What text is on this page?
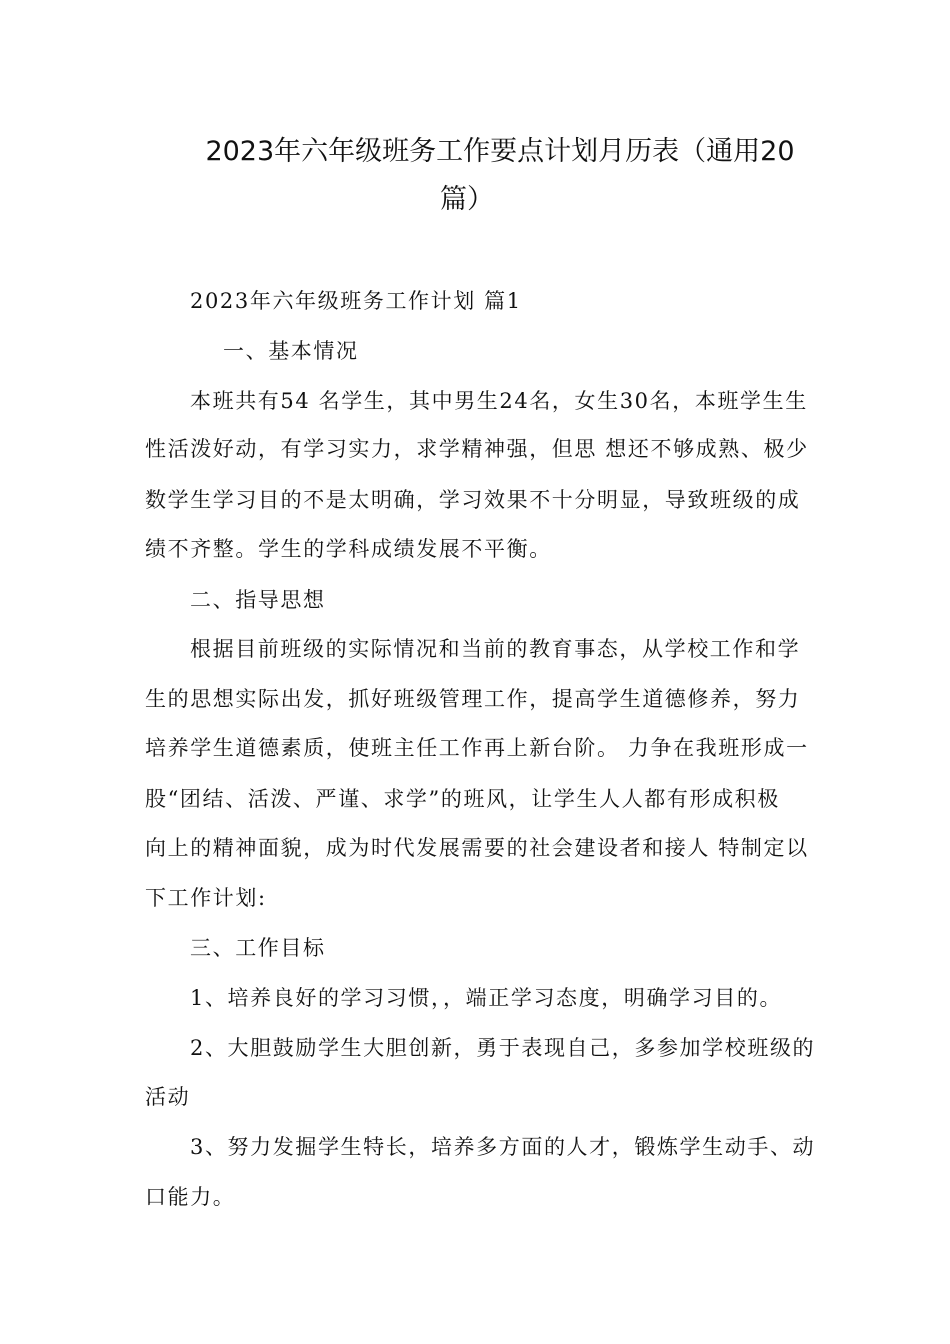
2023年六年级班务工作要点计划月历表（通用20
篇）
2023年六年级班务工作计划 篇1
一、基本情况
本班共有54 名学生，其中男生24名，女生30名，本班学生生
性活泼好动，有学习实力，求学精神强，但思 想还不够成熟、极少
数学生学习目的不是太明确，学习效果不十分明显，导致班级的成
绩不齐整。学生的学科成绩发展不平衡。
二、指导思想
根据目前班级的实际情况和当前的教育事态，从学校工作和学
生的思想实际出发，抓好班级管理工作，提高学生道德修养，努力
培养学生道德素质，使班主任工作再上新台阶。 力争在我班形成一
股“团结、活泼、严谨、求学”的班风，让学生人人都有形成积极
向上的精神面貌，成为时代发展需要的社会建设者和接人 特制定以
下工作计划:
三、工作目标
1、培养良好的学习习惯，，端正学习态度，明确学习目的。
2、大胆鼓励学生大胆创新，勇于表现自己，多参加学校班级的
活动
3、努力发掘学生特长，培养多方面的人才，锻炼学生动手、动
口能力。
